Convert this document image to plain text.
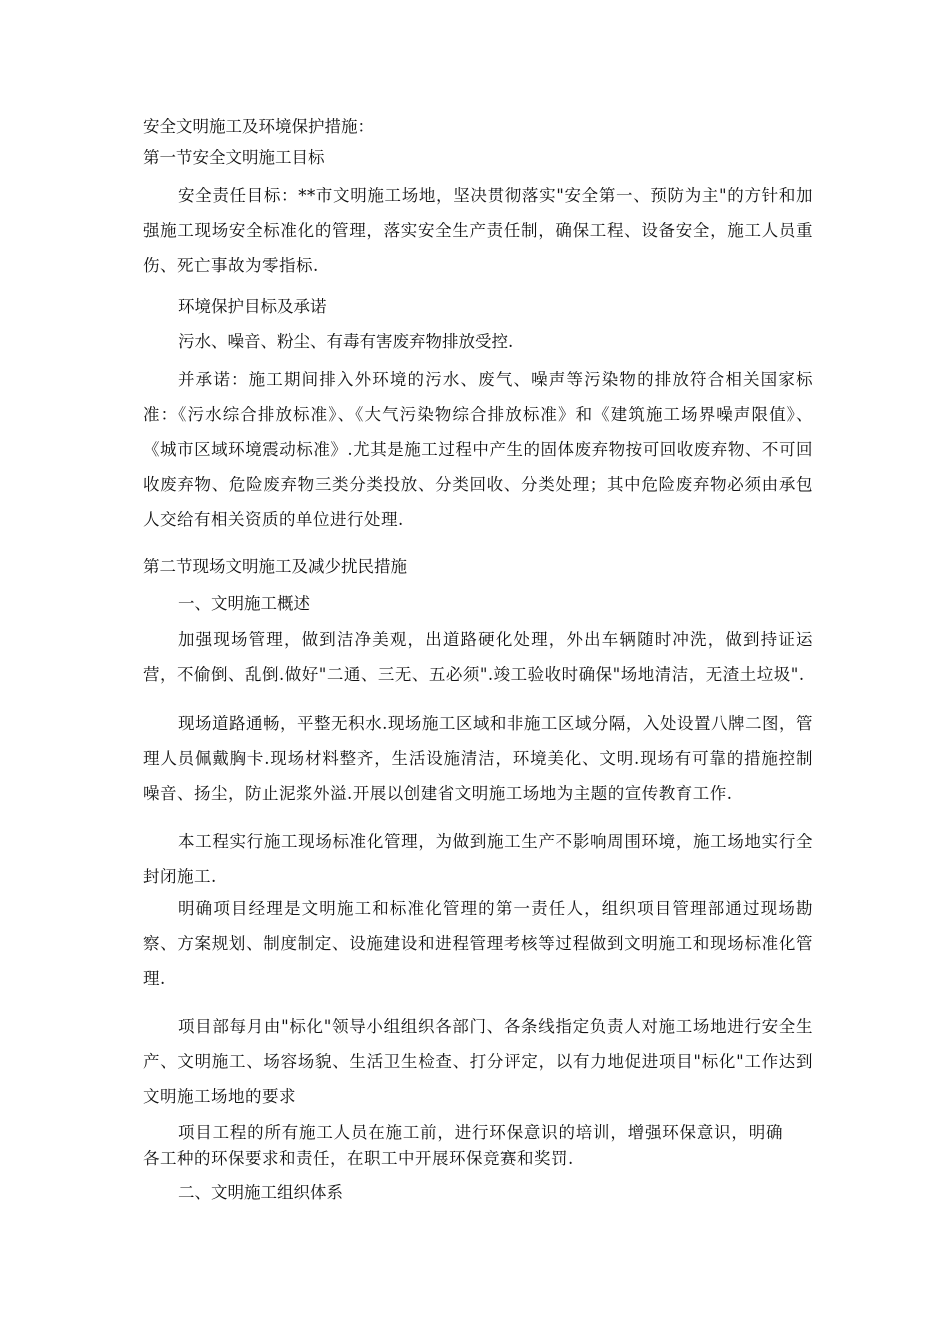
安全文明施工及环境保护措施：
第一节安全文明施工目标
安全责任目标：**市文明施工场地，坚决贯彻落实"安全第一、预防为主"的方针和加强施工现场安全标准化的管理，落实安全生产责任制，确保工程、设备安全，施工人员重伤、死亡事故为零指标.
环境保护目标及承诺
污水、噪音、粉尘、有毒有害废弃物排放受控.
并承诺：施工期间排入外环境的污水、废气、噪声等污染物的排放符合相关国家标准：《污水综合排放标准》、《大气污染物综合排放标准》和《建筑施工场界噪声限值》、《城市区域环境震动标准》.尤其是施工过程中产生的固体废弃物按可回收废弃物、不可回收废弃物、危险废弃物三类分类投放、分类回收、分类处理；其中危险废弃物必须由承包人交给有相关资质的单位进行处理.
第二节现场文明施工及减少扰民措施
一、文明施工概述
加强现场管理，做到洁净美观，出道路硬化处理，外出车辆随时冲洗，做到持证运营，不偷倒、乱倒.做好"二通、三无、五必须".竣工验收时确保"场地清洁，无渣土垃圾".
现场道路通畅，平整无积水.现场施工区域和非施工区域分隔，入处设置八牌二图，管理人员佩戴胸卡.现场材料整齐，生活设施清洁，环境美化、文明.现场有可靠的措施控制噪音、扬尘，防止泥浆外溢.开展以创建省文明施工场地为主题的宣传教育工作.
本工程实行施工现场标准化管理，为做到施工生产不影响周围环境，施工场地实行全封闭施工.
明确项目经理是文明施工和标准化管理的第一责任人，组织项目管理部通过现场勘察、方案规划、制度制定、设施建设和进程管理考核等过程做到文明施工和现场标准化管理.
项目部每月由"标化"领导小组组织各部门、各条线指定负责人对施工场地进行安全生产、文明施工、场容场貌、生活卫生检查、打分评定，以有力地促进项目"标化"工作达到文明施工场地的要求
项目工程的所有施工人员在施工前，进行环保意识的培训，增强环保意识，明确各工种的环保要求和责任，在职工中开展环保竞赛和奖罚.
二、文明施工组织体系
